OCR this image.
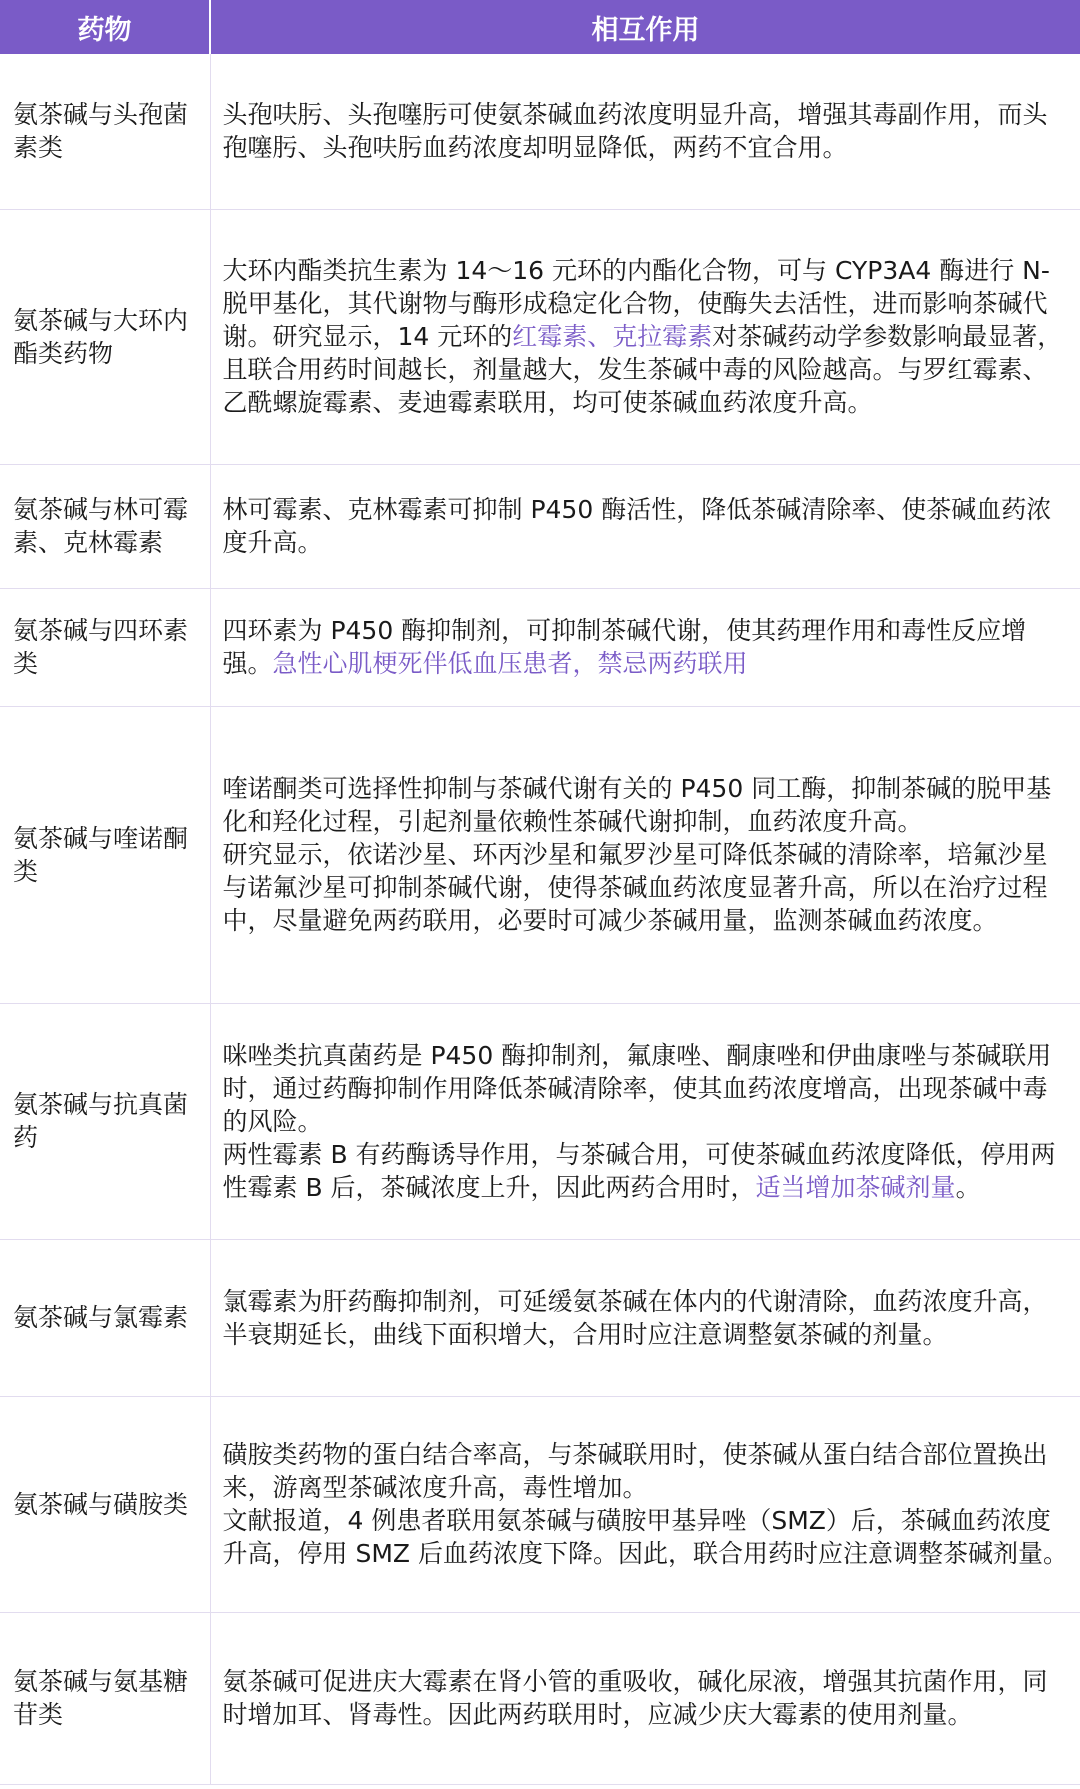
药物	相互作用
氨茶碱与头孢菌素类	头孢呋肟、头孢噻肟可使氨茶碱血药浓度明显升高，增强其毒副作用，而头孢噻肟、头孢呋肟血药浓度却明显降低，两药不宜合用。
氨茶碱与大环内酯类药物	大环内酯类抗生素为 14～16 元环的内酯化合物，可与 CYP3A4 酶进行 N-脱甲基化，其代谢物与酶形成稳定化合物，使酶失去活性，进而影响茶碱代谢。研究显示，14 元环的红霉素、克拉霉素对茶碱药动学参数影响最显著，且联合用药时间越长，剂量越大，发生茶碱中毒的风险越高。与罗红霉素、乙酰螺旋霉素、麦迪霉素联用，均可使茶碱血药浓度升高。
氨茶碱与林可霉素、克林霉素	林可霉素、克林霉素可抑制 P450 酶活性，降低茶碱清除率、使茶碱血药浓度升高。
氨茶碱与四环素类	四环素为 P450 酶抑制剂，可抑制茶碱代谢，使其药理作用和毒性反应增强。急性心肌梗死伴低血压患者，禁忌两药联用
氨茶碱与喹诺酮类	喹诺酮类可选择性抑制与茶碱代谢有关的 P450 同工酶，抑制茶碱的脱甲基化和羟化过程，引起剂量依赖性茶碱代谢抑制，血药浓度升高。
研究显示，依诺沙星、环丙沙星和氟罗沙星可降低茶碱的清除率，培氟沙星与诺氟沙星可抑制茶碱代谢，使得茶碱血药浓度显著升高，所以在治疗过程中，尽量避免两药联用，必要时可减少茶碱用量，监测茶碱血药浓度。

氨茶碱与抗真菌药	咪唑类抗真菌药是 P450 酶抑制剂，氟康唑、酮康唑和伊曲康唑与茶碱联用时，通过药酶抑制作用降低茶碱清除率，使其血药浓度增高，出现茶碱中毒的风险。
两性霉素 B 有药酶诱导作用，与茶碱合用，可使茶碱血药浓度降低，停用两性霉素 B 后，茶碱浓度上升，因此两药合用时，适当增加茶碱剂量。

氨茶碱与氯霉素	氯霉素为肝药酶抑制剂，可延缓氨茶碱在体内的代谢清除，血药浓度升高，半衰期延长，曲线下面积增大，合用时应注意调整氨茶碱的剂量。
氨茶碱与磺胺类	磺胺类药物的蛋白结合率高，与茶碱联用时，使茶碱从蛋白结合部位置换出来，游离型茶碱浓度升高，毒性增加。
文献报道，4 例患者联用氨茶碱与磺胺甲基异唑（SMZ）后，茶碱血药浓度升高，停用 SMZ 后血药浓度下降。因此，联合用药时应注意调整茶碱剂量。

氨茶碱与氨基糖苷类	氨茶碱可促进庆大霉素在肾小管的重吸收，碱化尿液，增强其抗菌作用，同时增加耳、肾毒性。因此两药联用时，应减少庆大霉素的使用剂量。
